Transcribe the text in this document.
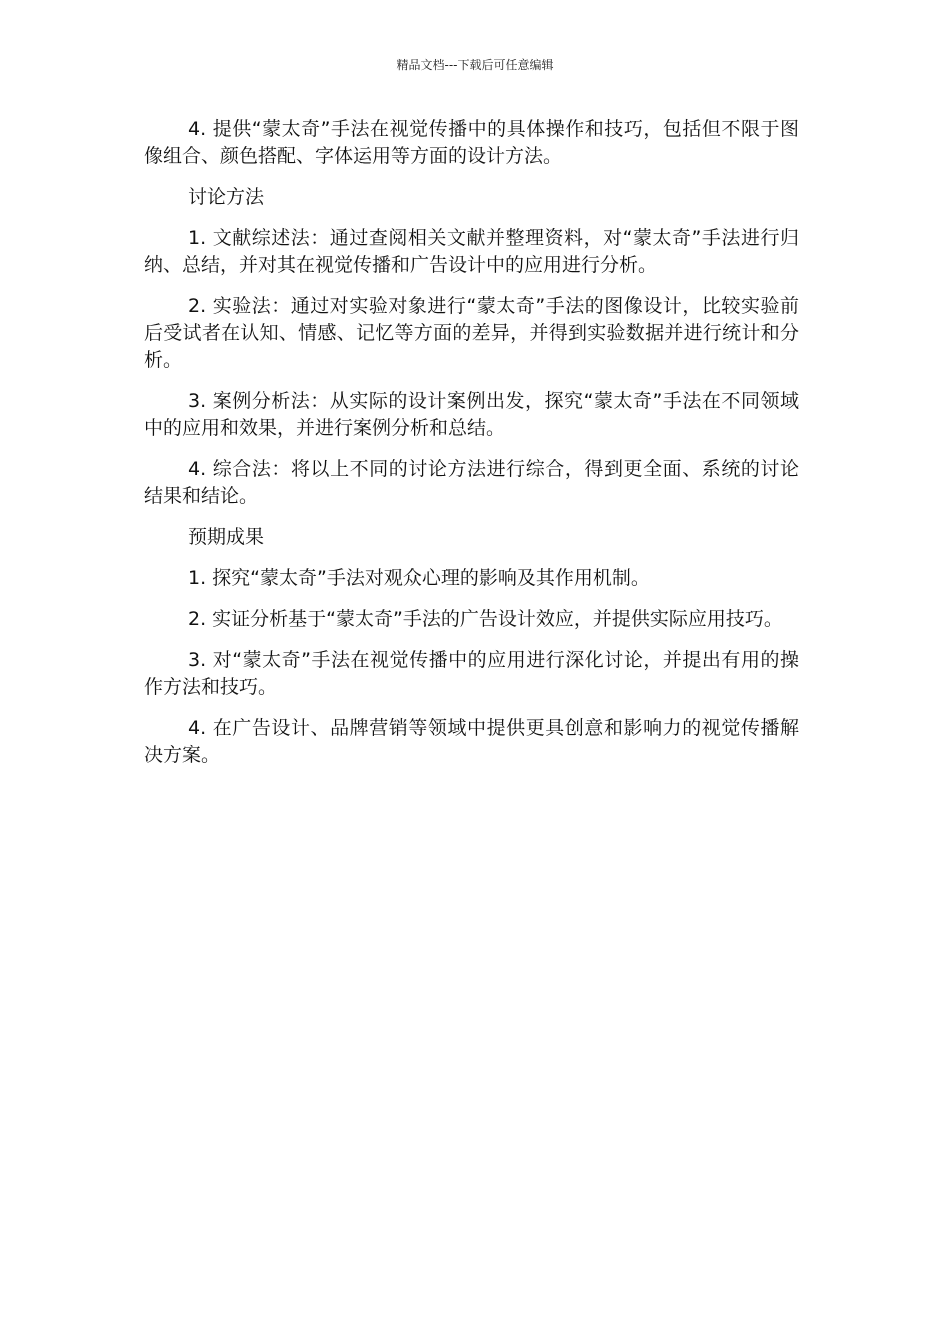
精品文档---下载后可任意编辑

4. 提供“蒙太奇”手法在视觉传播中的具体操作和技巧，包括但不限于图像组合、颜色搭配、字体运用等方面的设计方法。

讨论方法

1. 文献综述法：通过查阅相关文献并整理资料，对“蒙太奇”手法进行归纳、总结，并对其在视觉传播和广告设计中的应用进行分析。

2. 实验法：通过对实验对象进行“蒙太奇”手法的图像设计，比较实验前后受试者在认知、情感、记忆等方面的差异，并得到实验数据并进行统计和分析。

3. 案例分析法：从实际的设计案例出发，探究“蒙太奇”手法在不同领域中的应用和效果，并进行案例分析和总结。

4. 综合法：将以上不同的讨论方法进行综合，得到更全面、系统的讨论结果和结论。

预期成果

1. 探究“蒙太奇”手法对观众心理的影响及其作用机制。

2. 实证分析基于“蒙太奇”手法的广告设计效应，并提供实际应用技巧。

3. 对“蒙太奇”手法在视觉传播中的应用进行深化讨论，并提出有用的操作方法和技巧。

4. 在广告设计、品牌营销等领域中提供更具创意和影响力的视觉传播解决方案。
